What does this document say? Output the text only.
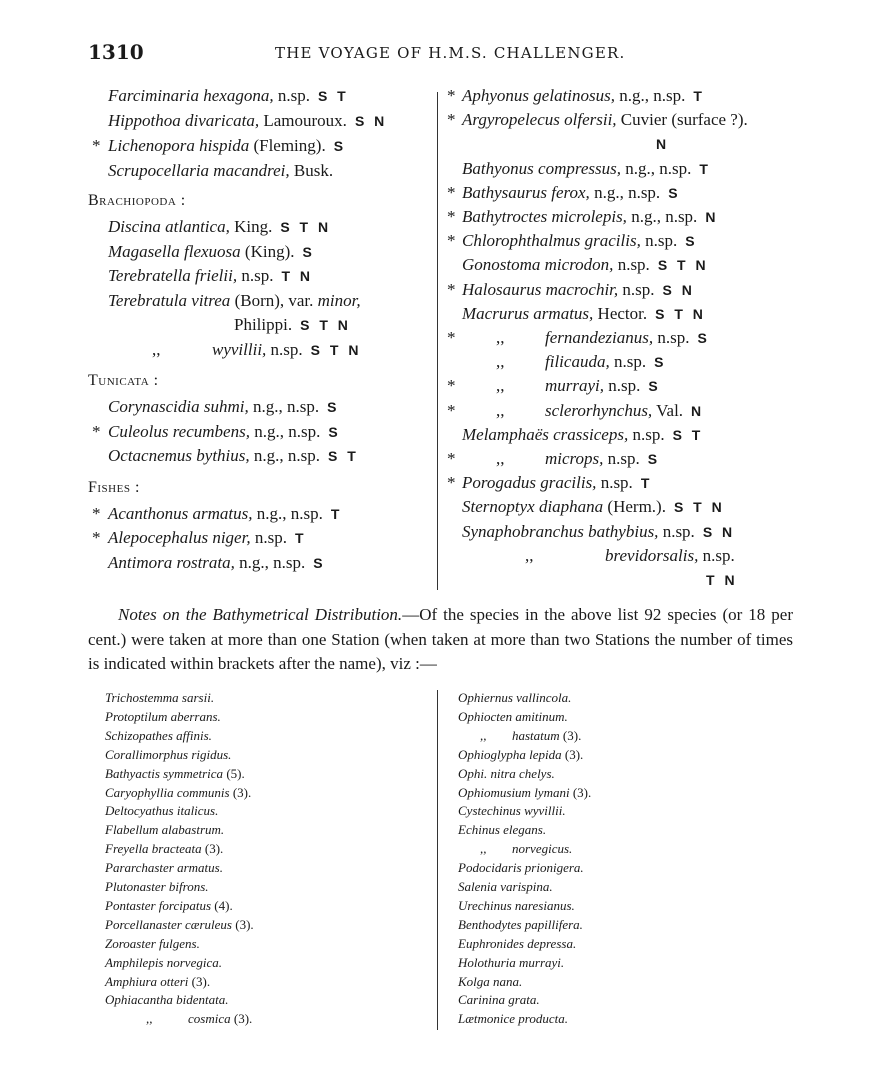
1310	THE VOYAGE OF H.M.S. CHALLENGER.
Farciminaria hexagona, n.sp. S T
Hippothoa divaricata, Lamouroux. S N
* Lichenopora hispida (Fleming). S
Scrupocellaria macandrei, Busk.
Brachiopoda :
Discina atlantica, King. S T N
Magasella flexuosa (King). S
Terebratella frielii, n.sp. T N
Terebratula vitrea (Born), var. minor,
Philippi. S T N
,,	wyvillii, n.sp. S T N
Tunicata :
Corynascidia suhmi, n.g., n.sp. S
* Culeolus recumbens, n.g., n.sp. S
Octacnemus bythius, n.g., n.sp. S T
Fishes :
* Acanthonus armatus, n.g., n.sp. T
* Alepocephalus niger, n.sp. T
Antimora rostrata, n.g., n.sp. S
* Aphyonus gelatinosus, n.g., n.sp. T
* Argyropelecus olfersii, Cuvier (surface ?).
N
Bathyonus compressus, n.g., n.sp. T
* Bathysaurus ferox, n.g., n.sp. S
* Bathytroctes microlepis, n.g., n.sp. N
* Chlorophthalmus gracilis, n.sp. S
Gonostoma microdon, n.sp. S T N
* Halosaurus macrochir, n.sp. S N
Macrurus armatus, Hector. S T N
* ,, fernandezianus, n.sp. S
,, filicauda, n.sp. S
* ,, murrayi, n.sp. S
* ,, sclerorhynchus, Val. N
Melamphaës crassiceps, n.sp. S T
* ,, microps, n.sp. S
* Porogadus gracilis, n.sp. T
Sternoptyx diaphana (Herm.). S T N
Synaphobranchus bathybius, n.sp. S N
,,	brevidorsalis, n.sp.
T N
Notes on the Bathymetrical Distribution.—Of the species in the above list 92 species (or 18 per cent.) were taken at more than one Station (when taken at more than two Stations the number of times is indicated within brackets after the name), viz :—
Trichostemma sarsii.
Protoptilum aberrans.
Schizopathes affinis.
Corallimorphus rigidus.
Bathyactis symmetrica (5).
Caryophyllia communis (3).
Deltocyathus italicus.
Flabellum alabastrum.
Freyella bracteata (3).
Pararchaster armatus.
Plutonaster bifrons.
Pontaster forcipatus (4).
Porcellanaster cæruleus (3).
Zoroaster fulgens.
Amphilepis norvegica.
Amphiura otteri (3).
Ophiacantha bidentata.
,,	cosmica (3).
Ophiernus vallincola.
Ophiocten amitinum.
,, hastatum (3).
Ophioglypha lepida (3).
Ophi. nitra chelys.
Ophiomusium lymani (3).
Cystechinus wyvillii.
Echinus elegans.
,, norvegicus.
Podocidaris prionigera.
Salenia varispina.
Urechinus naresianus.
Benthodytes papillifera.
Euphronides depressa.
Holothuria murrayi.
Kolga nana.
Carinina grata.
Lætmonice producta.
